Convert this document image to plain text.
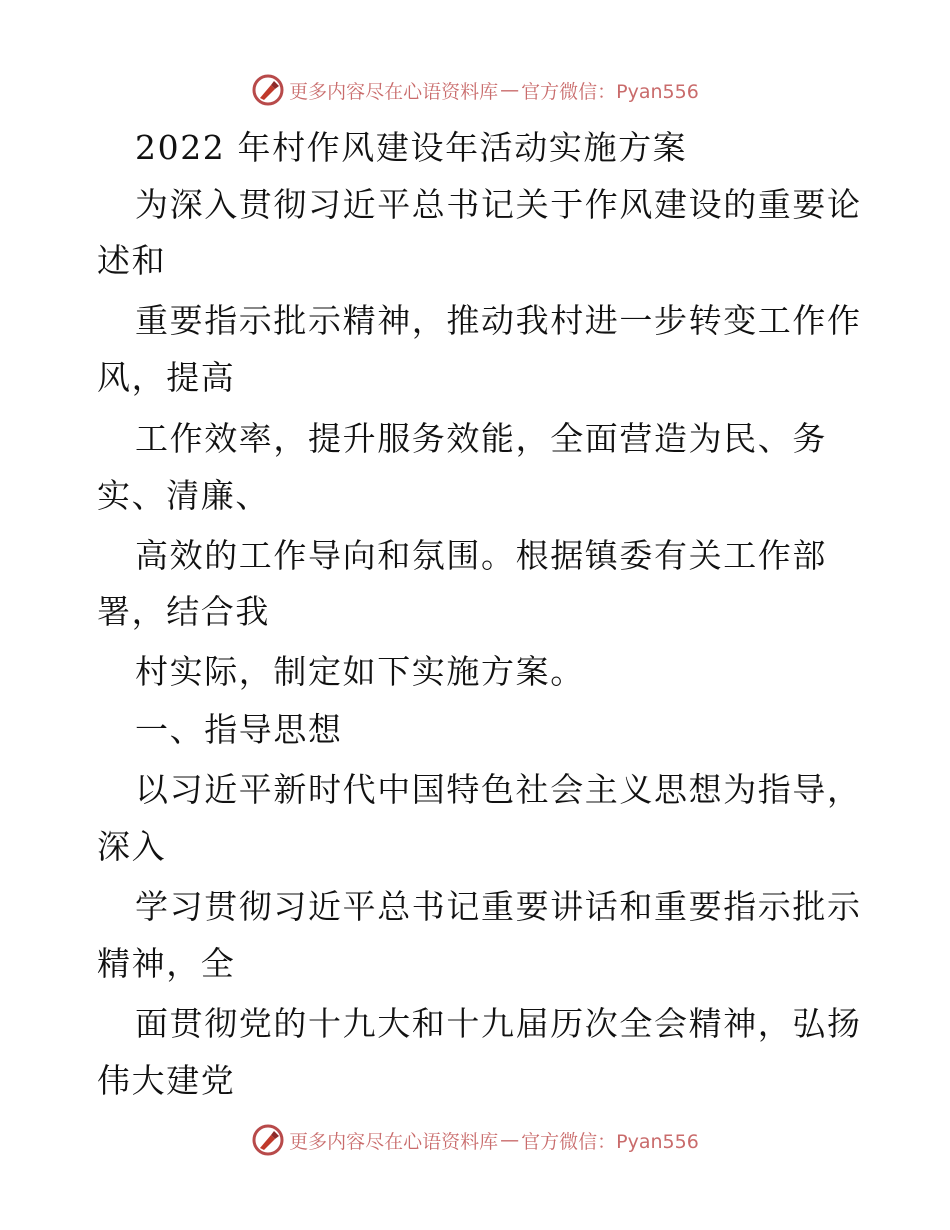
更多内容尽在心语资料库 — 官方微信：Pyan556
2022 年村作风建设年活动实施方案
为深入贯彻习近平总书记关于作风建设的重要论
述和
重要指示批示精神，推动我村进一步转变工作作
风，提高
工作效率，提升服务效能，全面营造为民、务
实、清廉、
高效的工作导向和氛围。根据镇委有关工作部
署，结合我
村实际，制定如下实施方案。
一、指导思想
以习近平新时代中国特色社会主义思想为指导，
深入
学习贯彻习近平总书记重要讲话和重要指示批示
精神，全
面贯彻党的十九大和十九届历次全会精神，弘扬
伟大建党
更多内容尽在心语资料库 — 官方微信：Pyan556
